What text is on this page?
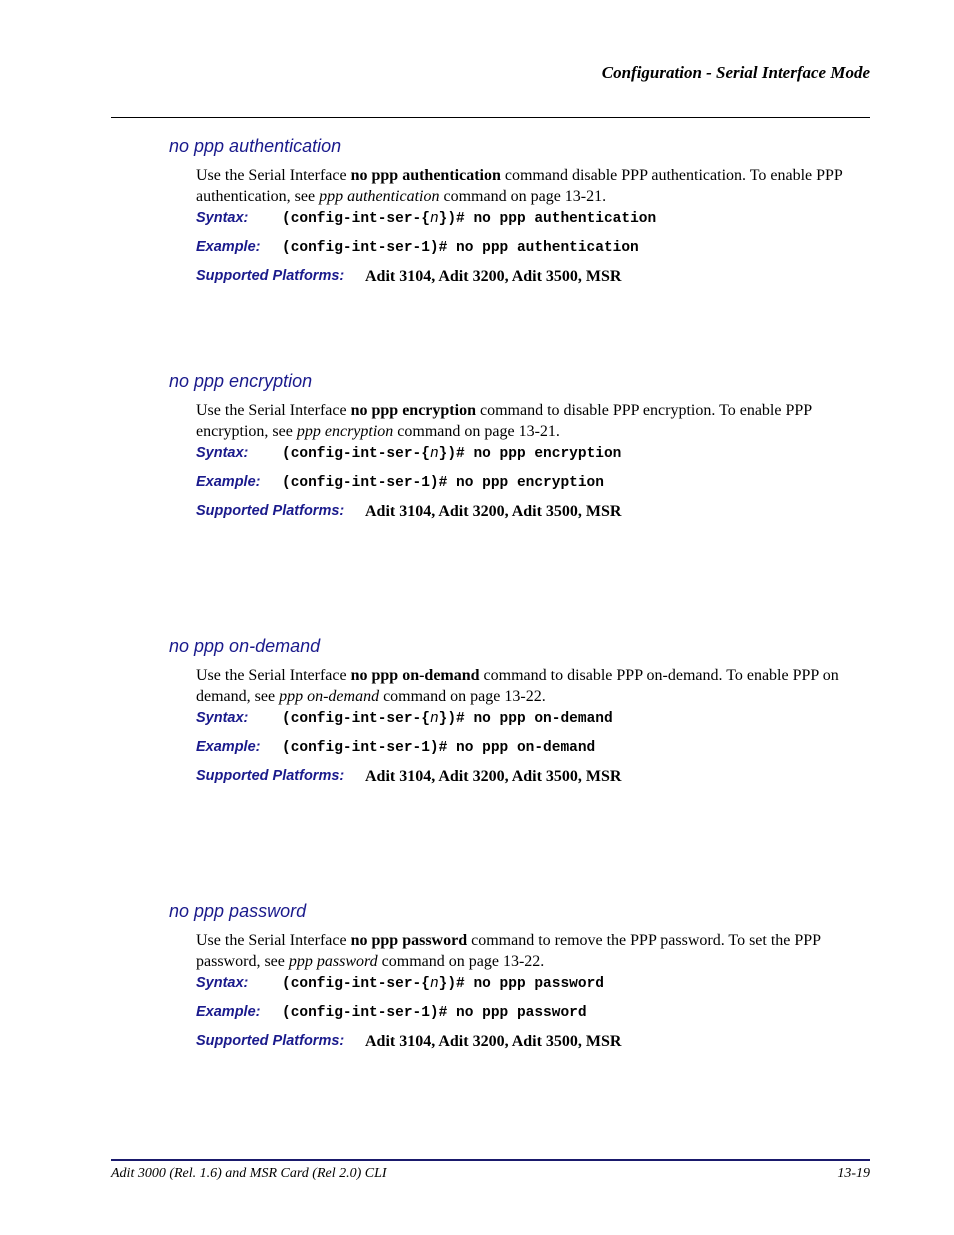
Configuration - Serial Interface Mode
no ppp authentication
Use the Serial Interface no ppp authentication command disable PPP authentication. To enable PPP authentication, see ppp authentication command on page 13-21.
Syntax: (config-int-ser-{n})# no ppp authentication
Example: (config-int-ser-1)# no ppp authentication
Supported Platforms: Adit 3104, Adit 3200, Adit 3500, MSR
no ppp encryption
Use the Serial Interface no ppp encryption command to disable PPP encryption. To enable PPP encryption, see ppp encryption command on page 13-21.
Syntax: (config-int-ser-{n})# no ppp encryption
Example: (config-int-ser-1)# no ppp encryption
Supported Platforms: Adit 3104, Adit 3200, Adit 3500, MSR
no ppp on-demand
Use the Serial Interface no ppp on-demand command to disable PPP on-demand. To enable PPP on demand, see ppp on-demand command on page 13-22.
Syntax: (config-int-ser-{n})# no ppp on-demand
Example: (config-int-ser-1)# no ppp on-demand
Supported Platforms: Adit 3104, Adit 3200, Adit 3500, MSR
no ppp password
Use the Serial Interface no ppp password command to remove the PPP password. To set the PPP password, see ppp password command on page 13-22.
Syntax: (config-int-ser-{n})# no ppp password
Example: (config-int-ser-1)# no ppp password
Supported Platforms: Adit 3104, Adit 3200, Adit 3500, MSR
Adit 3000 (Rel. 1.6) and MSR Card (Rel 2.0) CLI	13-19
